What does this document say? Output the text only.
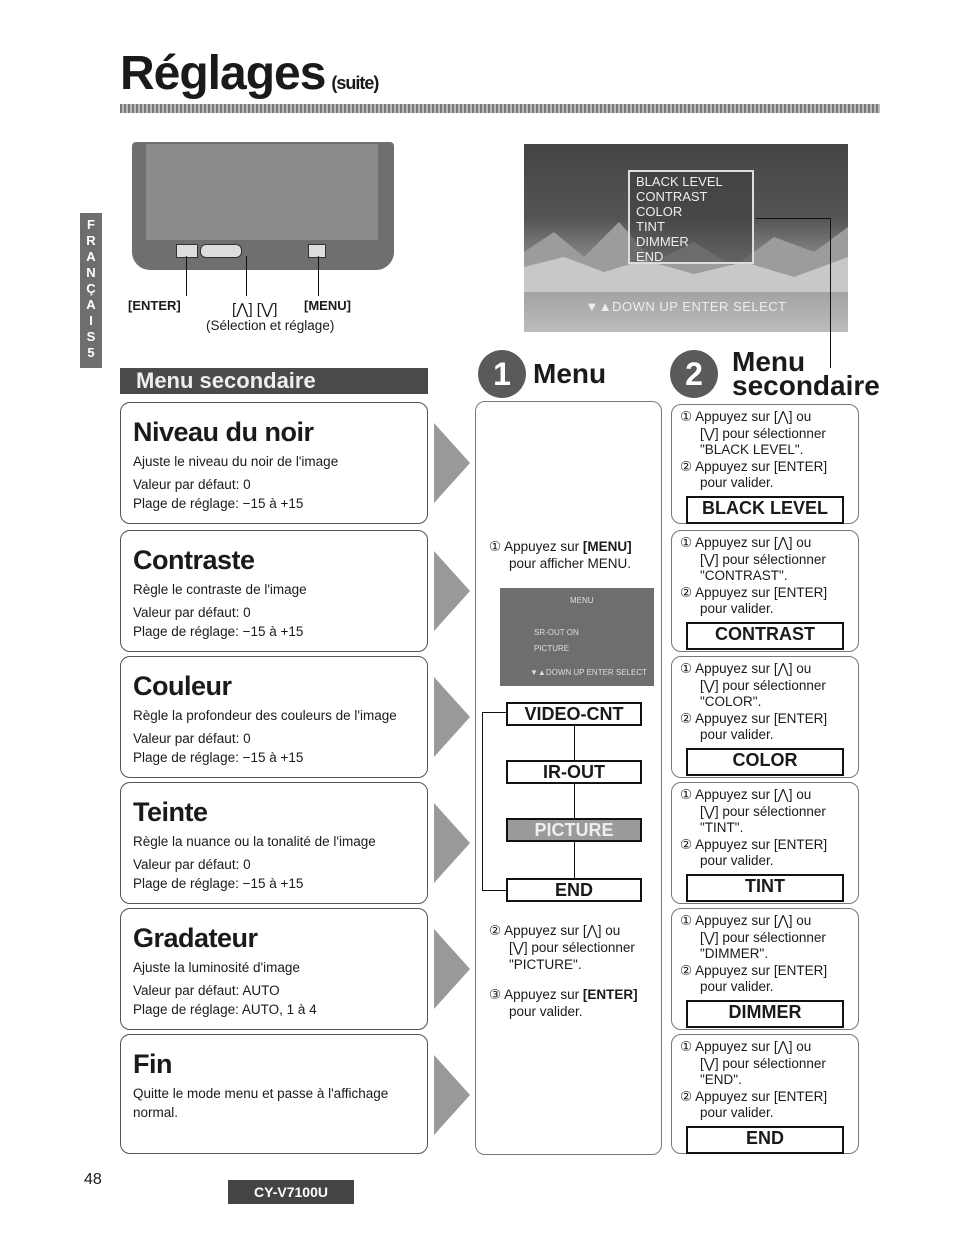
Réglages (suite)
F
R
A
N
Ç
A
I
S
5
[ENTER]	[⋀] [⋁] [MENU]
(Sélection et réglage)
BLACK LEVEL
CONTRAST
COLOR
TINT
DIMMER
END
▼▲DOWN UP ENTER SELECT
Menu secondaire	1 Menu	2	Menu
secondaire
Niveau du noir

Ajuste le niveau du noir de l'image

Valeur par défaut: 0

Plage de réglage: −15 à +15

Contraste

Règle le contraste de l'image

Valeur par défaut: 0

Plage de réglage: −15 à +15

Couleur

Règle la profondeur des couleurs de l'image

Valeur par défaut: 0

Plage de réglage: −15 à +15

Teinte

Règle la nuance ou la tonalité de l'image

Valeur par défaut: 0

Plage de réglage: −15 à +15

Gradateur

Ajuste la luminosité d'image

Valeur par défaut: AUTO

Plage de réglage: AUTO, 1 à 4

Fin

Quitte le mode menu et passe à l'affichage

normal.

① Appuyez sur [MENU]
pour afficher MENU.
MENU
SR-OUT ON
PICTURE
▼▲DOWN UP ENTER SELECT
VIDEO-CNT
IR-OUT
PICTURE
END
② Appuyez sur [⋀] ou
[⋁] pour sélectionner
"PICTURE".
③ Appuyez sur [ENTER]
pour valider.

① Appuyez sur [⋀] ou

[⋁] pour sélectionner

"BLACK LEVEL".

② Appuyez sur [ENTER]

pour valider.

BLACK LEVEL

① Appuyez sur [⋀] ou

[⋁] pour sélectionner

"CONTRAST".

② Appuyez sur [ENTER]

pour valider.

CONTRAST

① Appuyez sur [⋀] ou

[⋁] pour sélectionner

"COLOR".

② Appuyez sur [ENTER]

pour valider.

COLOR

① Appuyez sur [⋀] ou

[⋁] pour sélectionner

"TINT".

② Appuyez sur [ENTER]

pour valider.

TINT

① Appuyez sur [⋀] ou

[⋁] pour sélectionner

"DIMMER".

② Appuyez sur [ENTER]

pour valider.

DIMMER

① Appuyez sur [⋀] ou

[⋁] pour sélectionner

"END".

② Appuyez sur [ENTER]

pour valider.

END
48
CY-V7100U
